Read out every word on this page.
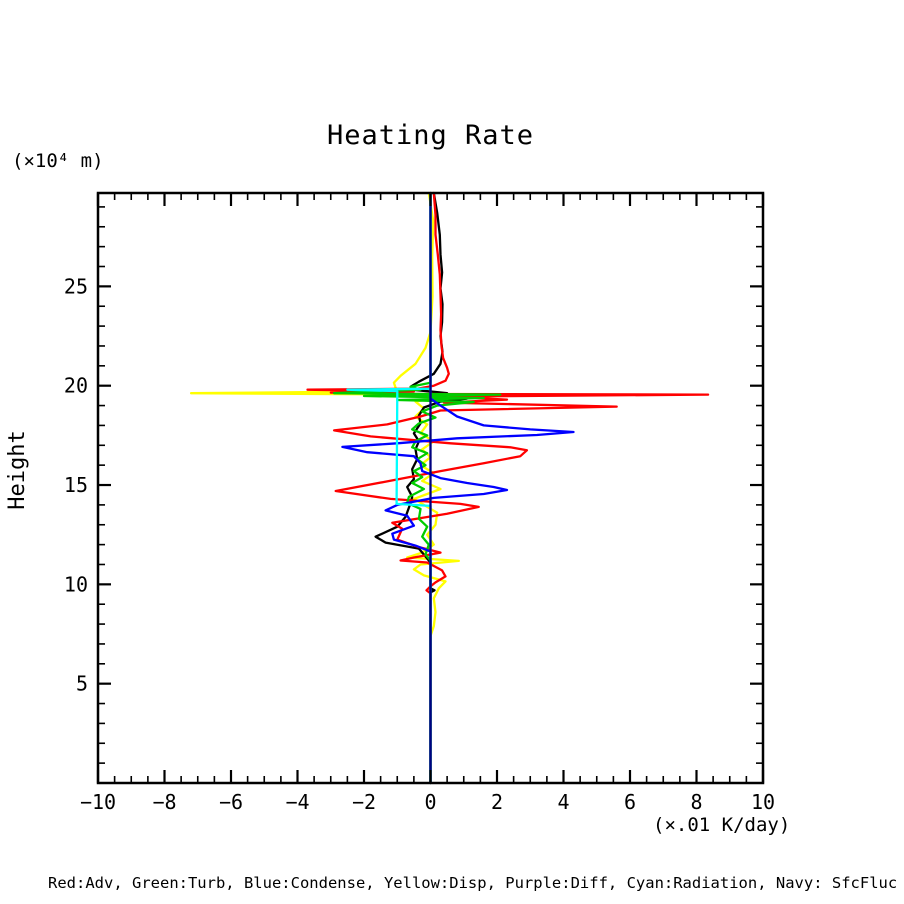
−10 −8 −6 −4 −2 0	2	4	6	8 10
5
10
15
20
25
Heating Rate
(×10⁴ m)
Height
(×.01 K/day)
Red:Adv, Green:Turb, Blue:Condense, Yellow:Disp, Purple:Diff, Cyan:Radiation, Navy: SfcFluc
